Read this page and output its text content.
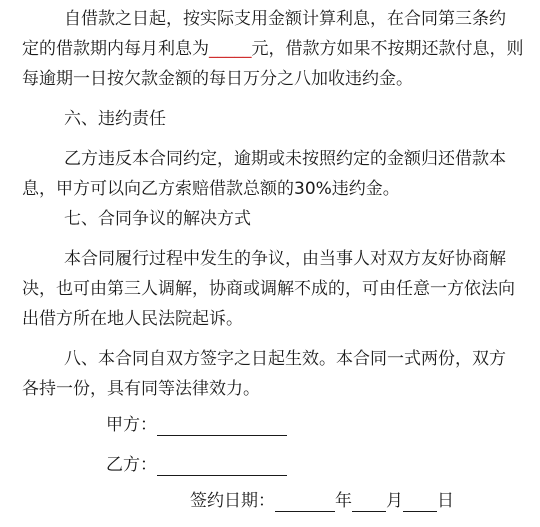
自借款之日起，按实际支用金额计算利息，在合同第三条约
定的借款期内每月利息为_____元，借款方如果不按期还款付息，则
每逾期一日按欠款金额的每日万分之八加收违约金。
六、违约责任
乙方违反本合同约定，逾期或未按照约定的金额归还借款本
息，甲方可以向乙方索赔借款总额的30%违约金。
七、合同争议的解决方式
本合同履行过程中发生的争议，由当事人对双方友好协商解
决，也可由第三人调解，协商或调解不成的，可由任意一方依法向
出借方所在地人民法院起诉。
八、本合同自双方签字之日起生效。本合同一式两份，双方
各持一份，具有同等法律效力。
甲方：
乙方：
签约日期：	年 月 日
